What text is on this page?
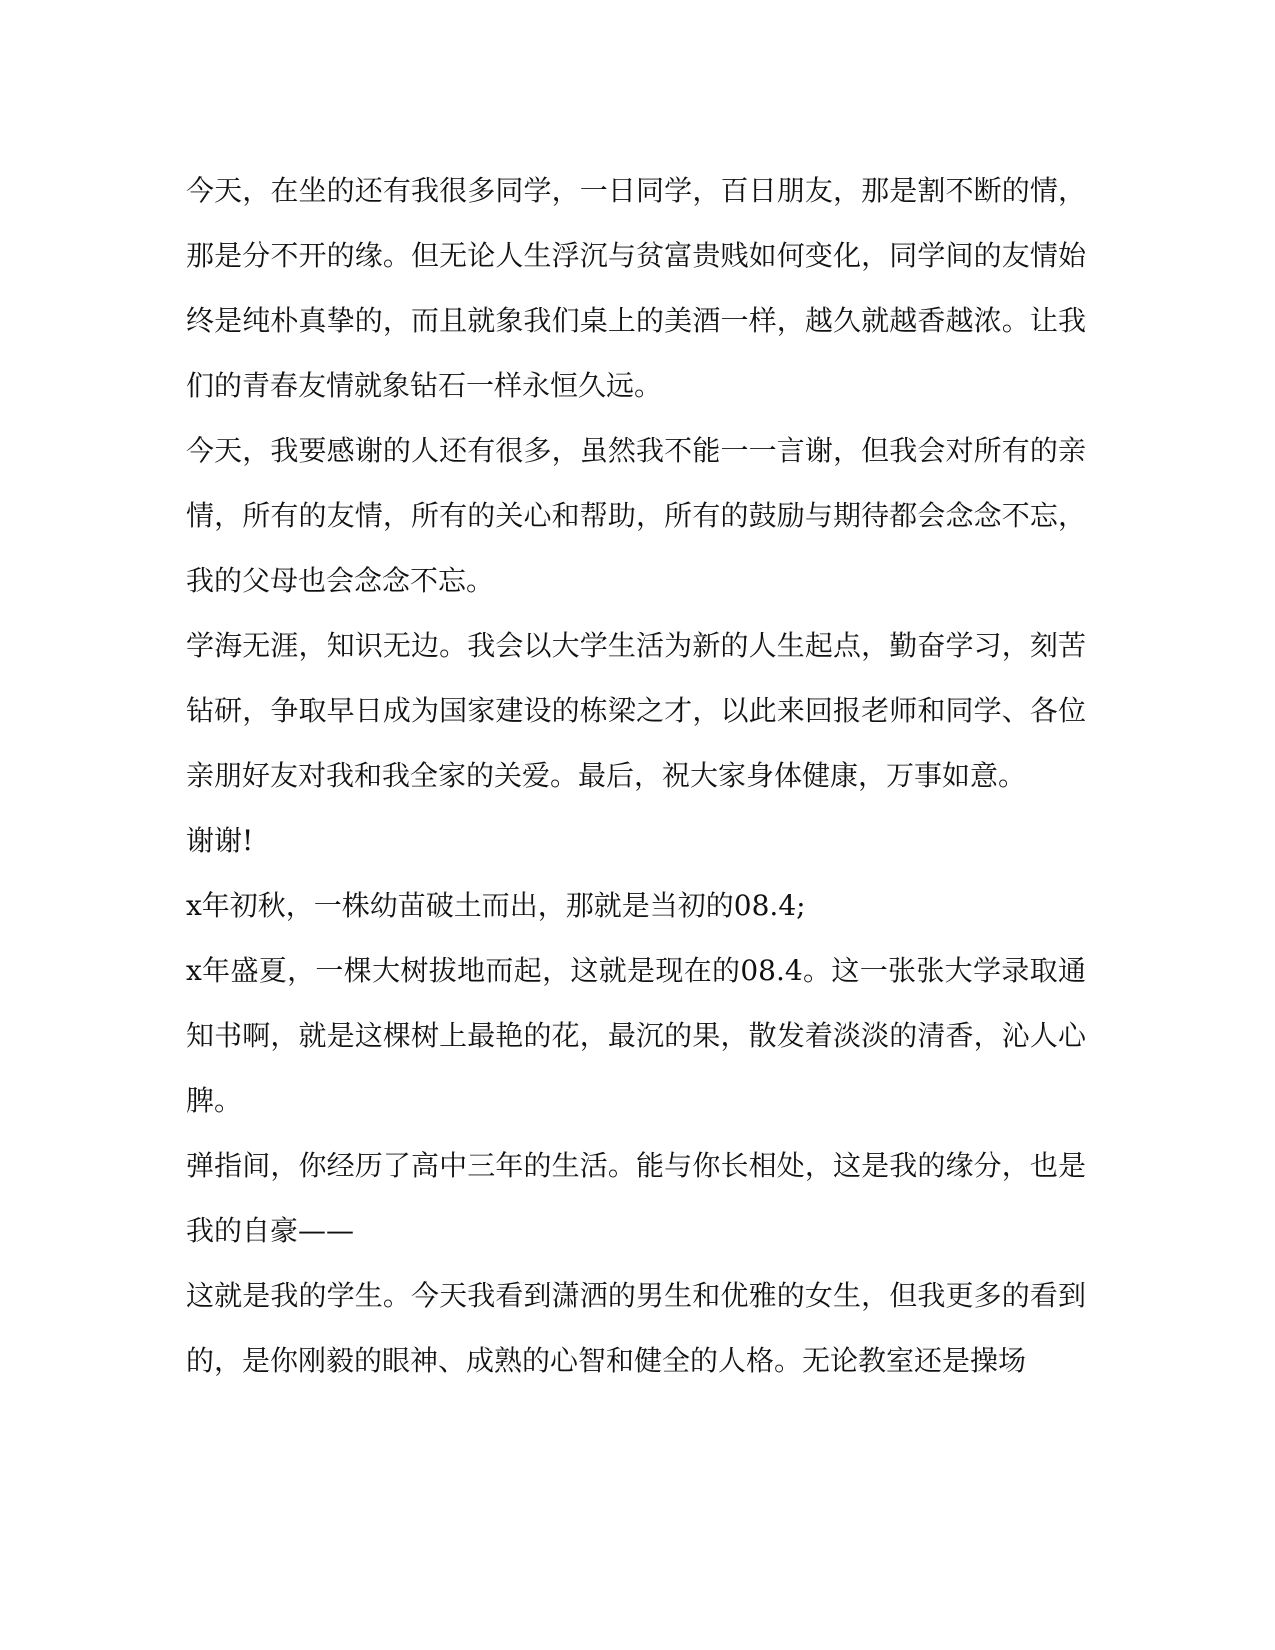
今天，在坐的还有我很多同学，一日同学，百日朋友，那是割不断的情，那是分不开的缘。但无论人生浮沉与贫富贵贱如何变化，同学间的友情始终是纯朴真挚的，而且就象我们桌上的美酒一样，越久就越香越浓。让我们的青春友情就象钻石一样永恒久远。

今天，我要感谢的人还有很多，虽然我不能一一言谢，但我会对所有的亲情，所有的友情，所有的关心和帮助，所有的鼓励与期待都会念念不忘，我的父母也会念念不忘。

学海无涯，知识无边。我会以大学生活为新的人生起点，勤奋学习，刻苦钻研，争取早日成为国家建设的栋梁之才，以此来回报老师和同学、各位亲朋好友对我和我全家的关爱。最后，祝大家身体健康，万事如意。

谢谢!

x年初秋，一株幼苗破土而出，那就是当初的08.4;

x年盛夏，一棵大树拔地而起，这就是现在的08.4。这一张张大学录取通知书啊，就是这棵树上最艳的花，最沉的果，散发着淡淡的清香，沁人心脾。

弹指间，你经历了高中三年的生活。能与你长相处，这是我的缘分，也是我的自豪——

这就是我的学生。今天我看到潇洒的男生和优雅的女生，但我更多的看到的，是你刚毅的眼神、成熟的心智和健全的人格。无论教室还是操场
